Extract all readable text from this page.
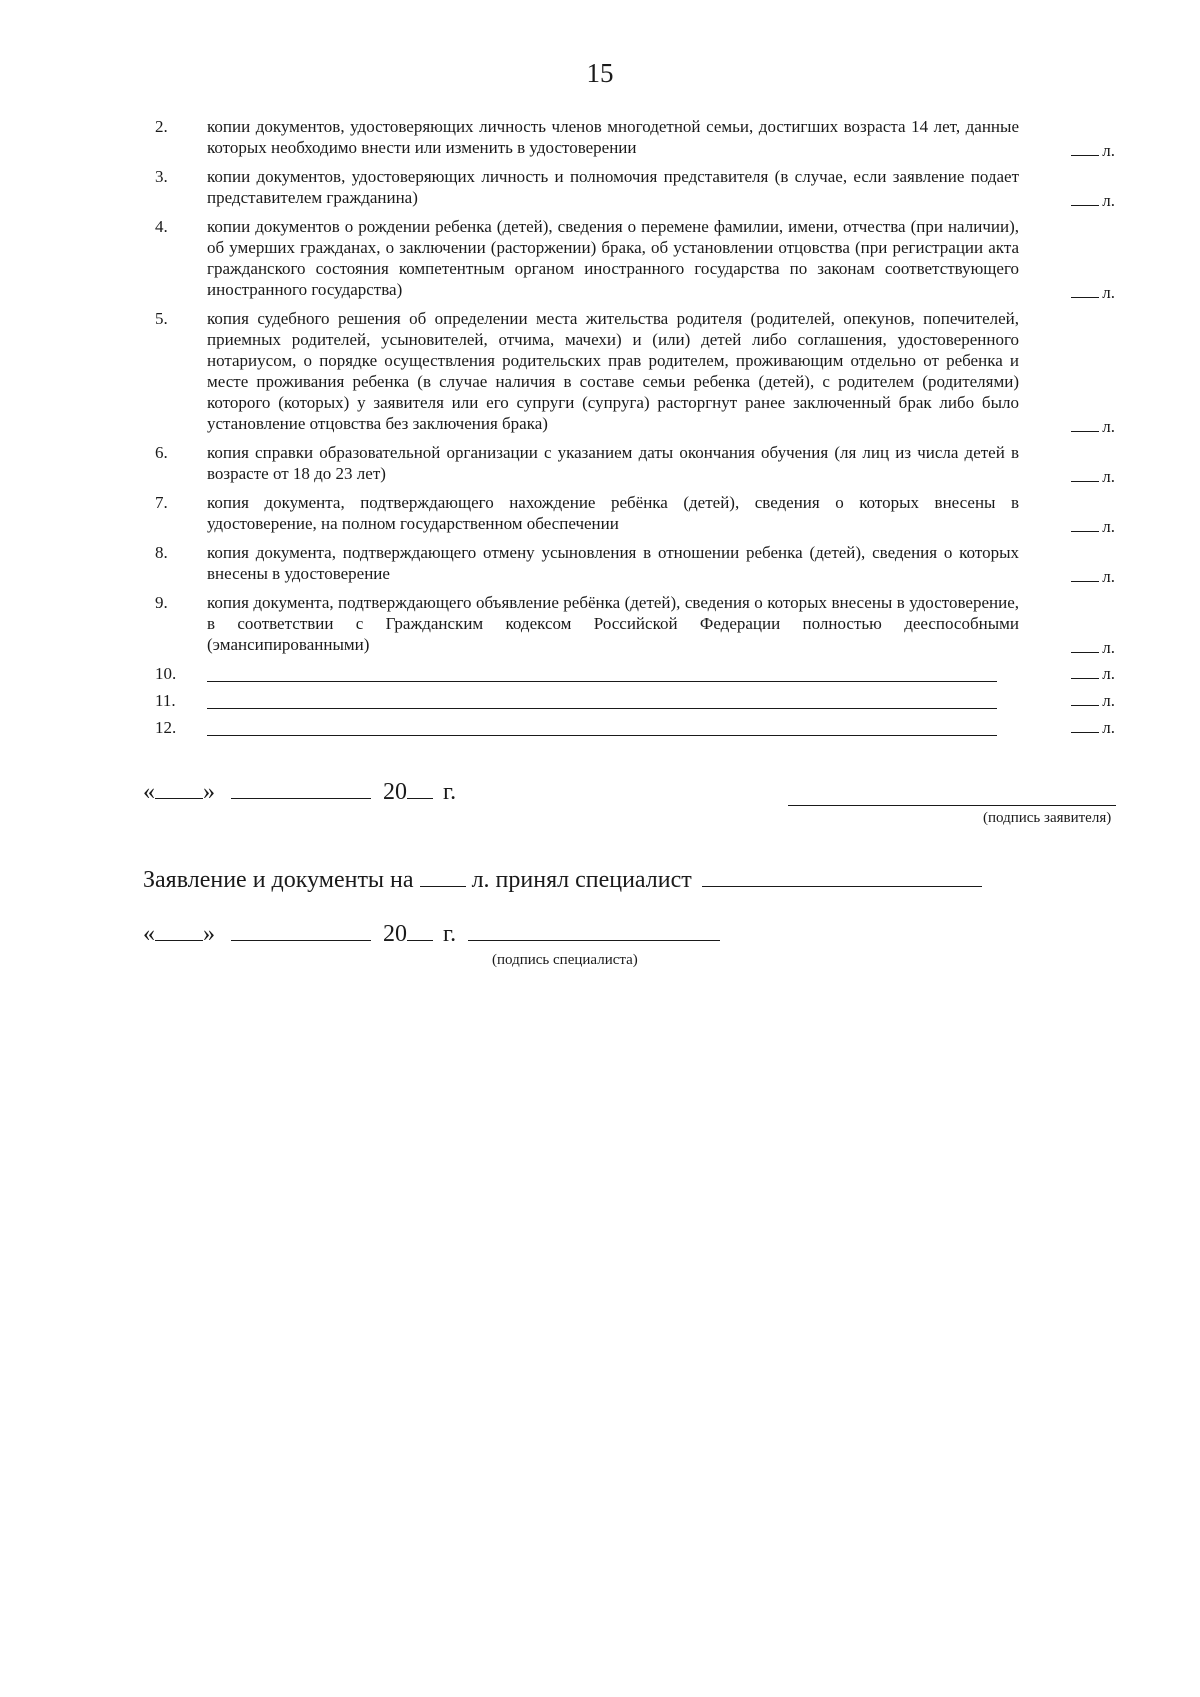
15
2.	копии документов, удостоверяющих личность членов многодетной семьи, достигших возраста 14 лет, данные которых необходимо внести или изменить в удостоверении	л.
3.	копии документов, удостоверяющих личность и полномочия представителя (в случае, если заявление подает представителем гражданина)	л.
4.	копии документов о рождении ребенка (детей), сведения о перемене фамилии, имени, отчества (при наличии), об умерших гражданах, о заключении (расторжении) брака, об установлении отцовства (при регистрации акта гражданского состояния компетентным органом иностранного государства по законам соответствующего иностранного государства)	л.
5.	копия судебного решения об определении места жительства родителя (родителей, опекунов, попечителей, приемных родителей, усыновителей, отчима, мачехи) и (или) детей либо соглашения, удостоверенного нотариусом, о порядке осуществления родительских прав родителем, проживающим отдельно от ребенка и месте проживания ребенка (в случае наличия в составе семьи ребенка (детей), с родителем (родителями) которого (которых) у заявителя или его супруги (супруга) расторгнут ранее заключенный брак либо было установление отцовства без заключения брака)	л.
6.	копия справки образовательной организации с указанием даты окончания обучения (ля лиц из числа детей в возрасте от 18 до 23 лет)	л.
7.	копия документа, подтверждающего нахождение ребёнка (детей), сведения о которых внесены в удостоверение, на полном государственном обеспечении	л.
8.	копия документа, подтверждающего отмену усыновления в отношении ребенка (детей), сведения о которых внесены в удостоверение	л.
9.	копия документа, подтверждающего объявление ребёнка (детей), сведения о которых внесены в удостоверение, в соответствии с Гражданским кодексом Российской Федерации полностью дееспособными (эмансипированными)	л.
10.	л.
11.	л.
12.	л.
« »	20 г.
(подпись заявителя)
Заявление и документы на л. принял специалист
« »	20 г.
(подпись специалиста)
